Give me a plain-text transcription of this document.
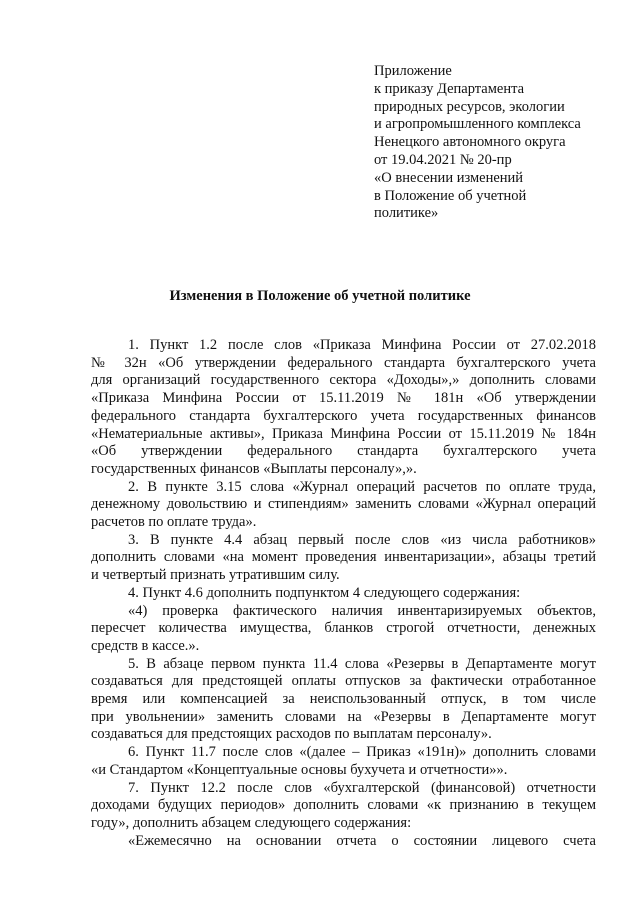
Приложение
к приказу Департамента
природных ресурсов, экологии
и агропромышленного комплекса
Ненецкого автономного округа
от 19.04.2021 № 20-пр
«О внесении изменений
в Положение об учетной
политике»
Изменения в Положение об учетной политике
1. Пункт 1.2 после слов «Приказа Минфина России от 27.02.2018
№ 32н «Об утверждении федерального стандарта бухгалтерского учета
для организаций государственного сектора «Доходы»,» дополнить словами
«Приказа Минфина России от 15.11.2019 № 181н «Об утверждении
федерального стандарта бухгалтерского учета государственных финансов
«Нематериальные активы», Приказа Минфина России от 15.11.2019 № 184н
«Об утверждении федерального стандарта бухгалтерского учета
государственных финансов «Выплаты персоналу»,».
2. В пункте 3.15 слова «Журнал операций расчетов по оплате труда,
денежному довольствию и стипендиям» заменить словами «Журнал операций
расчетов по оплате труда».
3. В пункте 4.4 абзац первый после слов «из числа работников»
дополнить словами «на момент проведения инвентаризации», абзацы третий
и четвертый признать утратившим силу.
4. Пункт 4.6 дополнить подпунктом 4 следующего содержания:
«4) проверка фактического наличия инвентаризируемых объектов,
пересчет количества имущества, бланков строгой отчетности, денежных
средств в кассе.».
5. В абзаце первом пункта 11.4 слова «Резервы в Департаменте могут
создаваться для предстоящей оплаты отпусков за фактически отработанное
время или компенсацией за неиспользованный отпуск, в том числе
при увольнении» заменить словами на «Резервы в Департаменте могут
создаваться для предстоящих расходов по выплатам персоналу».
6. Пункт 11.7 после слов «(далее – Приказ «191н)» дополнить словами
«и Стандартом «Концептуальные основы бухучета и отчетности»».
7. Пункт 12.2 после слов «бухгалтерской (финансовой) отчетности
доходами будущих периодов» дополнить словами «к признанию в текущем
году», дополнить абзацем следующего содержания:
«Ежемесячно на основании отчета о состоянии лицевого счета
